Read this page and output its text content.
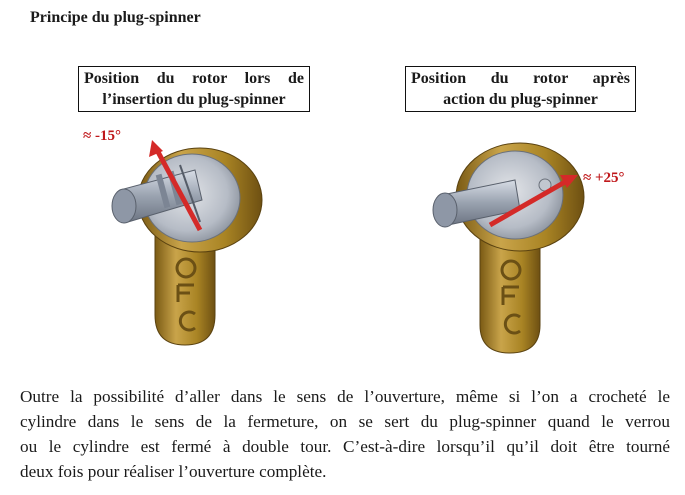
Principe du plug-spinner
Position du rotor lors de
l’insertion du plug-spinner
Position du rotor après
action du plug-spinner
≈ -15°
≈ +25°
Outre la possibilité d’aller dans le sens de l’ouverture, même si l’on a crocheté le
cylindre dans le sens de la fermeture, on se sert du plug-spinner quand le verrou
ou le cylindre est fermé à double tour. C’est-à-dire lorsqu’il qu’il doit être tourné
deux fois pour réaliser l’ouverture complète.
